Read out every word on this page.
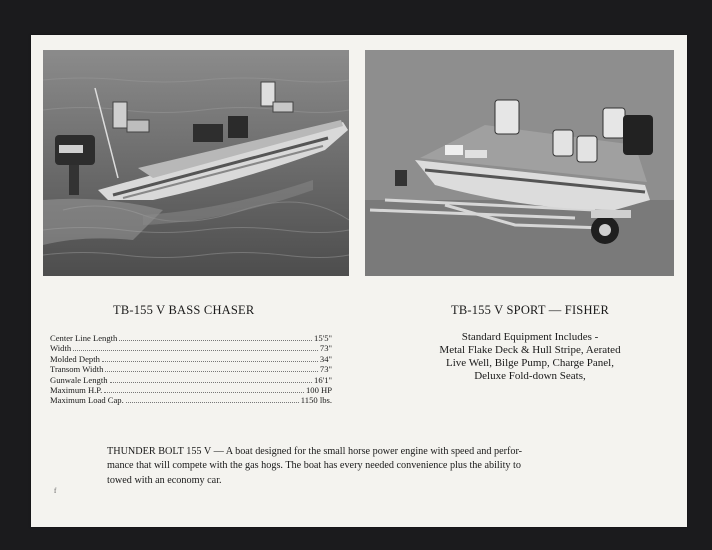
TB-155 V BASS CHASER	TB-155 V SPORT — FISHER
Center Line Length	15'5"
Width	73"
Molded Depth	34"
Transom Width	73"
Gunwale Length	16'1"
Maximum H.P.	100 HP
Maximum Load Cap.	1150 lbs.
Standard Equipment Includes -
Metal Flake Deck & Hull Stripe, Aerated
Live Well, Bilge Pump, Charge Panel,
Deluxe Fold-down Seats,
THUNDER BOLT 155 V — A boat designed for the small horse power engine with speed and perfor-
mance that will compete with the gas hogs. The boat has every needed convenience plus the ability to
towed with an economy car.
f
